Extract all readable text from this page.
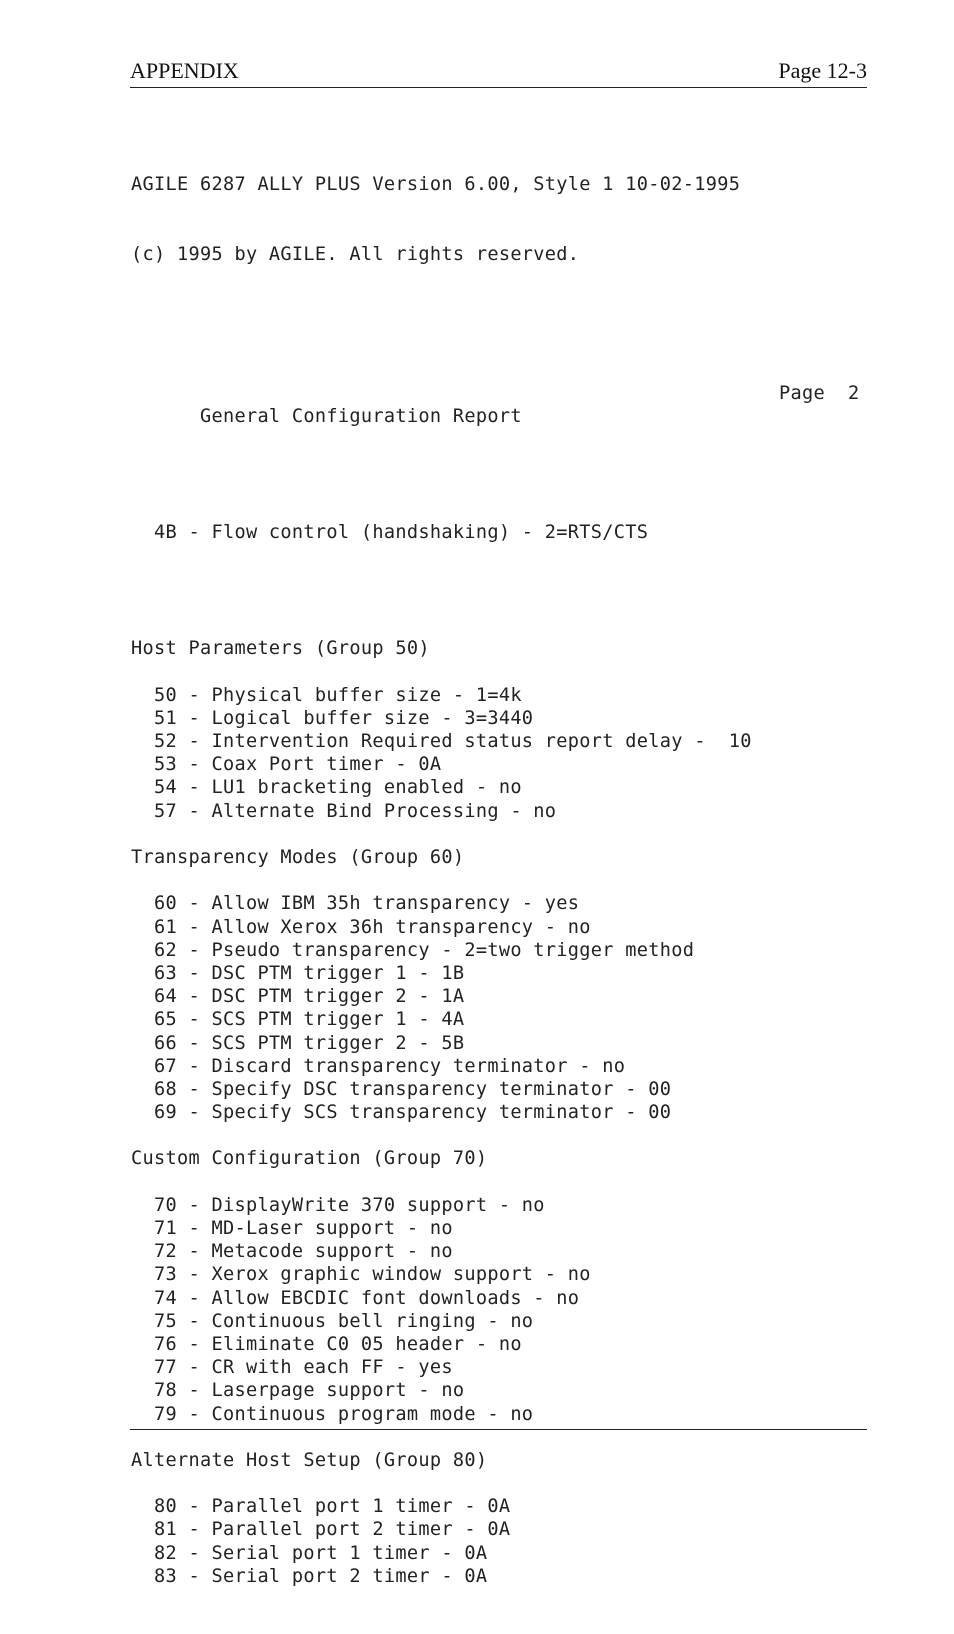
APPENDIX	Page 12-3

AGILE 6287 ALLY PLUS Version 6.00, Style 1 10-02-1995

(c) 1995 by AGILE. All rights reserved.

General Configuration Report

Page  2

4B - Flow control (handshaking) - 2=RTS/CTS

Host Parameters (Group 50)
50 - Physical buffer size - 1=4k
51 - Logical buffer size - 3=3440
52 - Intervention Required status report delay -  10
53 - Coax Port timer - 0A
54 - LU1 bracketing enabled - no
57 - Alternate Bind Processing - no
Transparency Modes (Group 60)
60 - Allow IBM 35h transparency - yes
61 - Allow Xerox 36h transparency - no
62 - Pseudo transparency - 2=two trigger method
63 - DSC PTM trigger 1 - 1B
64 - DSC PTM trigger 2 - 1A
65 - SCS PTM trigger 1 - 4A
66 - SCS PTM trigger 2 - 5B
67 - Discard transparency terminator - no
68 - Specify DSC transparency terminator - 00
69 - Specify SCS transparency terminator - 00
Custom Configuration (Group 70)
70 - DisplayWrite 370 support - no
71 - MD-Laser support - no
72 - Metacode support - no
73 - Xerox graphic window support - no
74 - Allow EBCDIC font downloads - no
75 - Continuous bell ringing - no
76 - Eliminate C0 05 header - no
77 - CR with each FF - yes
78 - Laserpage support - no
79 - Continuous program mode - no
Alternate Host Setup (Group 80)
80 - Parallel port 1 timer - 0A
81 - Parallel port 2 timer - 0A
82 - Serial port 1 timer - 0A
83 - Serial port 2 timer - 0A
